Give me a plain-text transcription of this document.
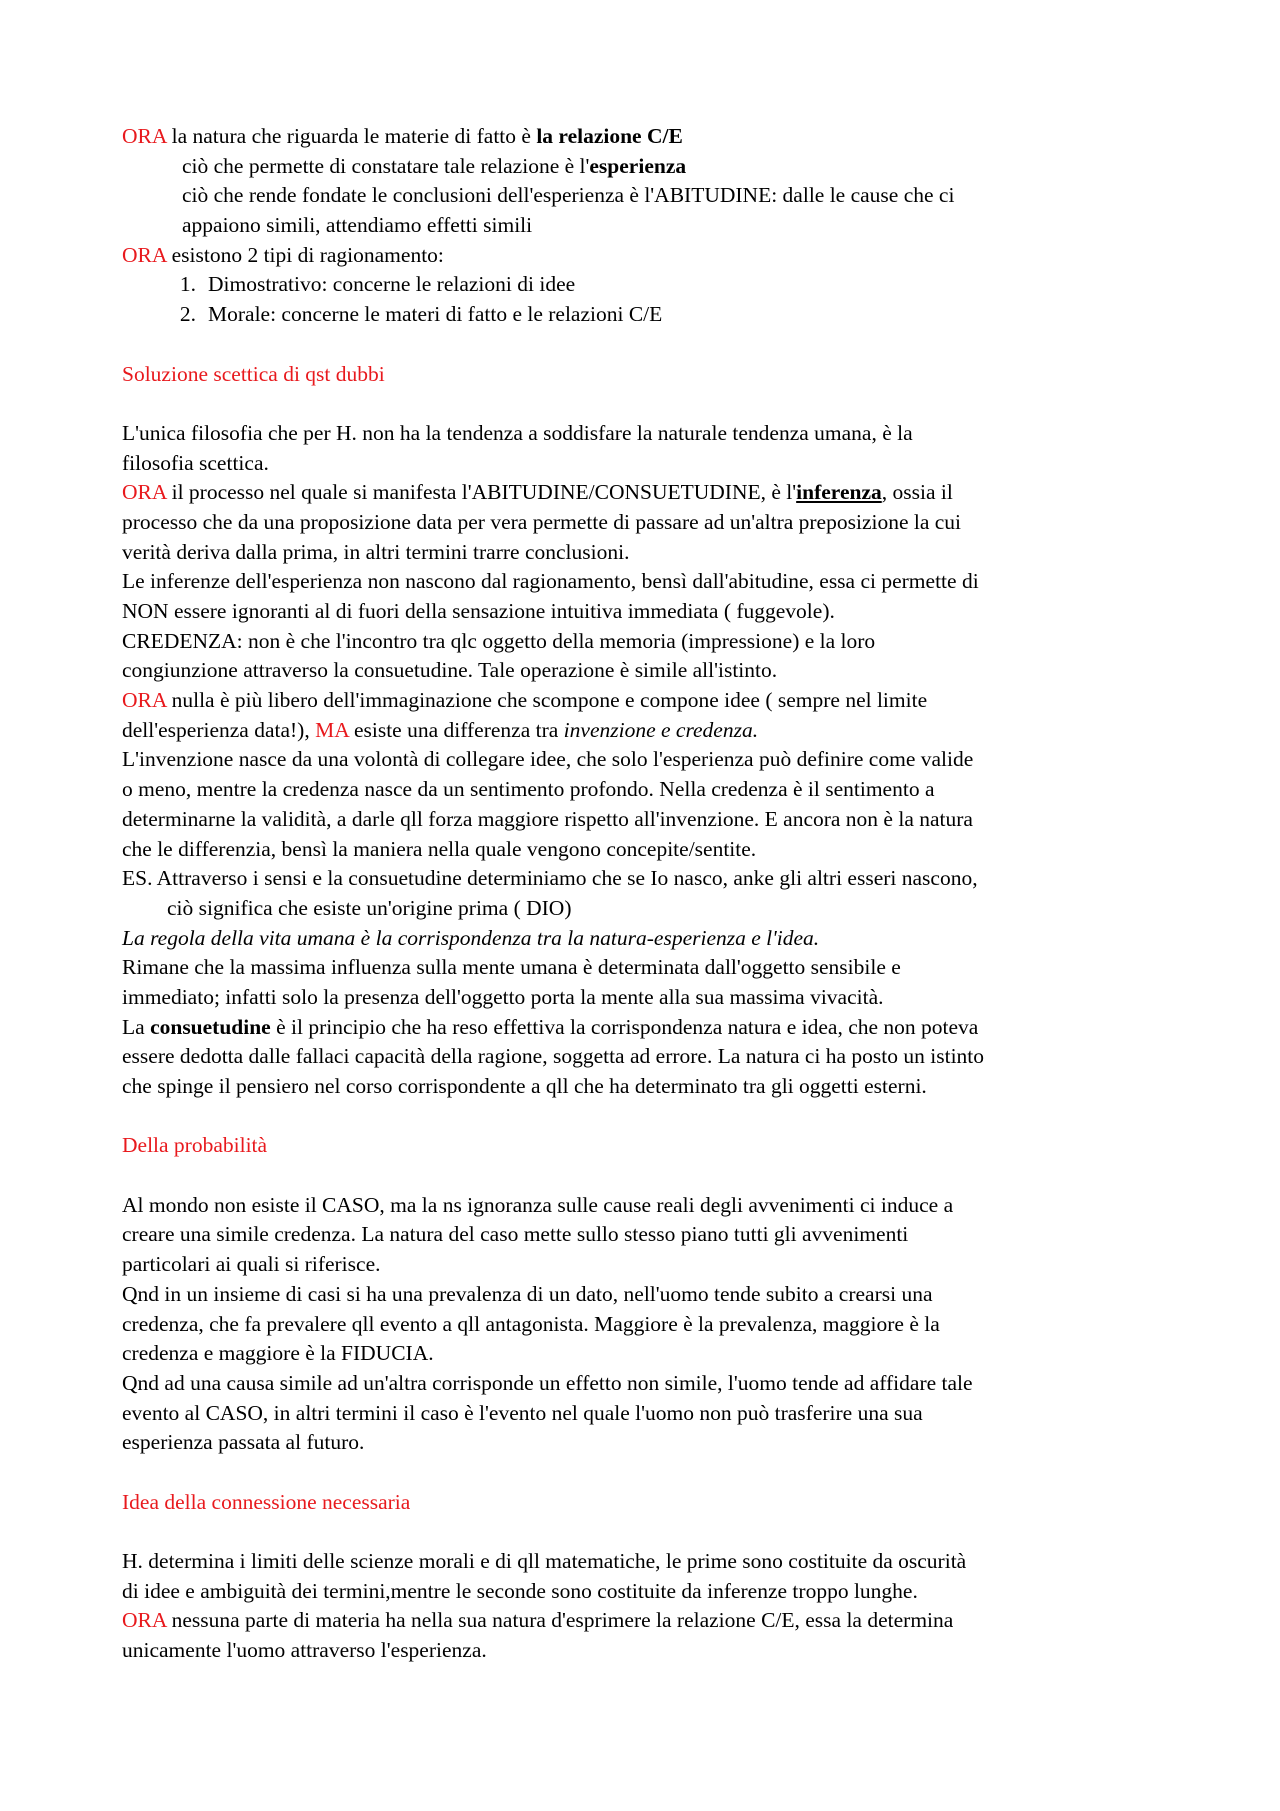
ORA la natura che riguarda le materie di fatto è la relazione C/E
ciò che permette di constatare tale relazione è l'esperienza
ciò che rende fondate le conclusioni dell'esperienza è l'ABITUDINE: dalle le cause che ci
appaiono simili, attendiamo effetti simili
ORA esistono 2 tipi di ragionamento:
1. Dimostrativo: concerne le relazioni di idee
2. Morale: concerne le materi di fatto e le relazioni C/E
Soluzione scettica di qst dubbi
L'unica filosofia che per H. non ha la tendenza a soddisfare la naturale tendenza umana, è la
filosofia scettica.
ORA il processo nel quale si manifesta l'ABITUDINE/CONSUETUDINE, è l'inferenza, ossia il
processo che da una proposizione data per vera permette di passare ad un'altra preposizione la cui
verità deriva dalla prima, in altri termini trarre conclusioni.
Le inferenze dell'esperienza non nascono dal ragionamento, bensì dall'abitudine, essa ci permette di
NON essere ignoranti al di fuori della sensazione intuitiva immediata ( fuggevole).
CREDENZA: non è che l'incontro tra qlc oggetto della memoria (impressione) e la loro
congiunzione attraverso la consuetudine. Tale operazione è simile all'istinto.
ORA nulla è più libero dell'immaginazione che scompone e compone idee ( sempre nel limite
dell'esperienza data!), MA esiste una differenza tra invenzione e credenza.
L'invenzione nasce da una volontà di collegare idee, che solo l'esperienza può definire come valide
o meno, mentre la credenza nasce da un sentimento profondo. Nella credenza è il sentimento a
determinarne la validità, a darle qll forza maggiore rispetto all'invenzione. E ancora non è la natura
che le differenzia, bensì la maniera nella quale vengono concepite/sentite.
ES. Attraverso i sensi e la consuetudine determiniamo che se Io nasco, anke gli altri esseri nascono,
ciò significa che esiste un'origine prima ( DIO)
La regola della vita umana è la corrispondenza tra la natura-esperienza e l'idea.
Rimane che la massima influenza sulla mente umana è determinata dall'oggetto sensibile e
immediato; infatti solo la presenza dell'oggetto porta la mente alla sua massima vivacità.
La consuetudine è il principio che ha reso effettiva la corrispondenza natura e idea, che non poteva
essere dedotta dalle fallaci capacità della ragione, soggetta ad errore. La natura ci ha posto un istinto
che spinge il pensiero nel corso corrispondente a qll che ha determinato tra gli oggetti esterni.
Della probabilità
Al mondo non esiste il CASO, ma la ns ignoranza sulle cause reali degli avvenimenti ci induce a
creare una simile credenza. La natura del caso mette sullo stesso piano tutti gli avvenimenti
particolari ai quali si riferisce.
Qnd in un insieme di casi si ha una prevalenza di un dato, nell'uomo tende subito a crearsi una
credenza, che fa prevalere qll evento a qll antagonista. Maggiore è la prevalenza, maggiore è la
credenza e maggiore è la FIDUCIA.
Qnd ad una causa simile ad un'altra corrisponde un effetto non simile, l'uomo tende ad affidare tale
evento al CASO, in altri termini il caso è l'evento nel quale l'uomo non può trasferire una sua
esperienza passata al futuro.
Idea della connessione necessaria
H. determina i limiti delle scienze morali e di qll matematiche, le prime sono costituite da oscurità
di idee e ambiguità dei termini,mentre le seconde sono costituite da inferenze troppo lunghe.
ORA nessuna parte di materia ha nella sua natura d'esprimere la relazione C/E, essa la determina
unicamente l'uomo attraverso l'esperienza.
